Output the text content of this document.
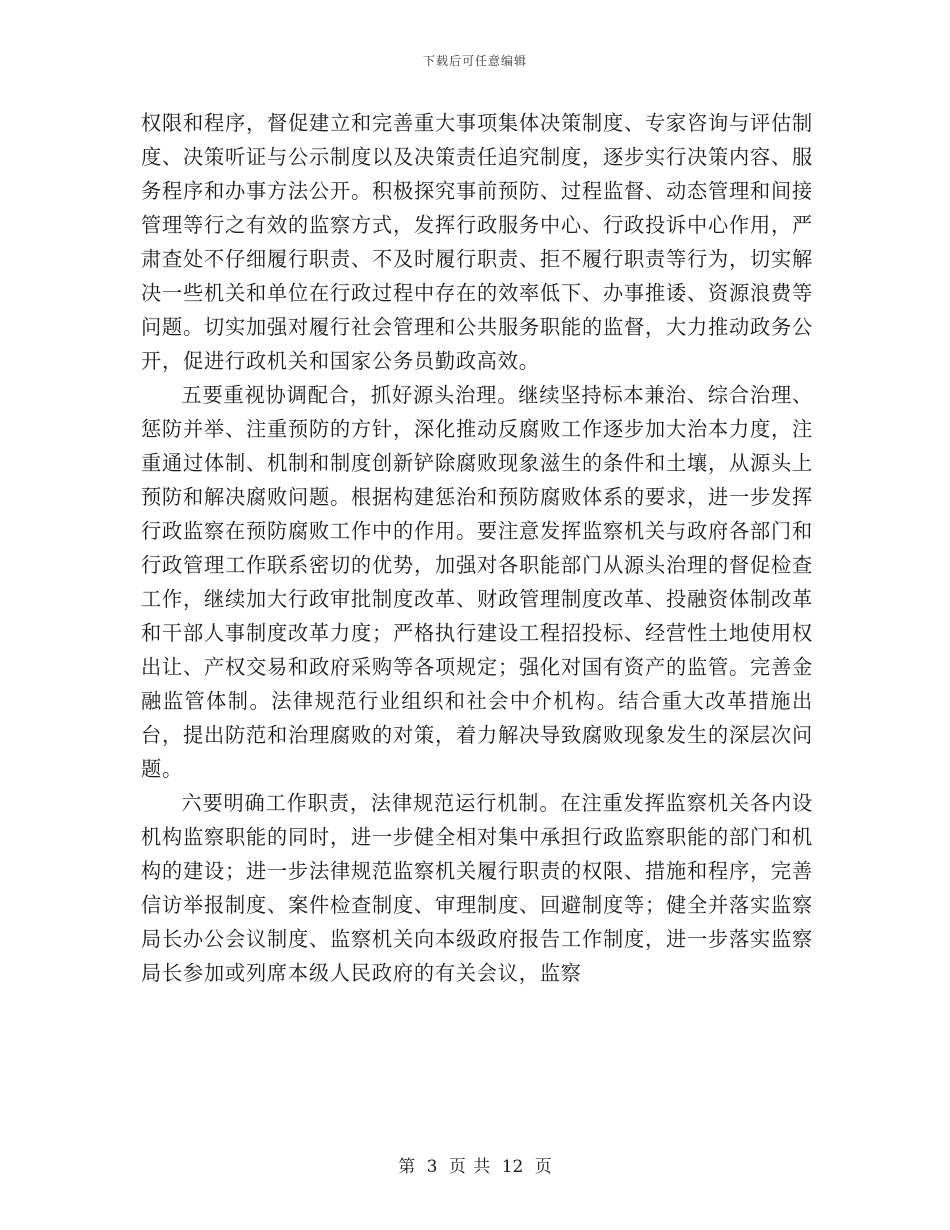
下载后可任意编辑

权限和程序，督促建立和完善重大事项集体决策制度、专家咨询与评估制度、决策听证与公示制度以及决策责任追究制度，逐步实行决策内容、服务程序和办事方法公开。积极探究事前预防、过程监督、动态管理和间接管理等行之有效的监察方式，发挥行政服务中心、行政投诉中心作用，严肃查处不仔细履行职责、不及时履行职责、拒不履行职责等行为，切实解决一些机关和单位在行政过程中存在的效率低下、办事推诿、资源浪费等问题。切实加强对履行社会管理和公共服务职能的监督，大力推动政务公开，促进行政机关和国家公务员勤政高效。

五要重视协调配合，抓好源头治理。继续坚持标本兼治、综合治理、惩防并举、注重预防的方针，深化推动反腐败工作逐步加大治本力度，注重通过体制、机制和制度创新铲除腐败现象滋生的条件和土壤，从源头上预防和解决腐败问题。根据构建惩治和预防腐败体系的要求，进一步发挥行政监察在预防腐败工作中的作用。要注意发挥监察机关与政府各部门和行政管理工作联系密切的优势，加强对各职能部门从源头治理的督促检查工作，继续加大行政审批制度改革、财政管理制度改革、投融资体制改革和干部人事制度改革力度；严格执行建设工程招投标、经营性土地使用权出让、产权交易和政府采购等各项规定；强化对国有资产的监管。完善金融监管体制。法律规范行业组织和社会中介机构。结合重大改革措施出台，提出防范和治理腐败的对策，着力解决导致腐败现象发生的深层次问题。

六要明确工作职责，法律规范运行机制。在注重发挥监察机关各内设机构监察职能的同时，进一步健全相对集中承担行政监察职能的部门和机构的建设；进一步法律规范监察机关履行职责的权限、措施和程序，完善信访举报制度、案件检查制度、审理制度、回避制度等；健全并落实监察局长办公会议制度、监察机关向本级政府报告工作制度，进一步落实监察局长参加或列席本级人民政府的有关会议，监察

第 3 页 共 12 页
